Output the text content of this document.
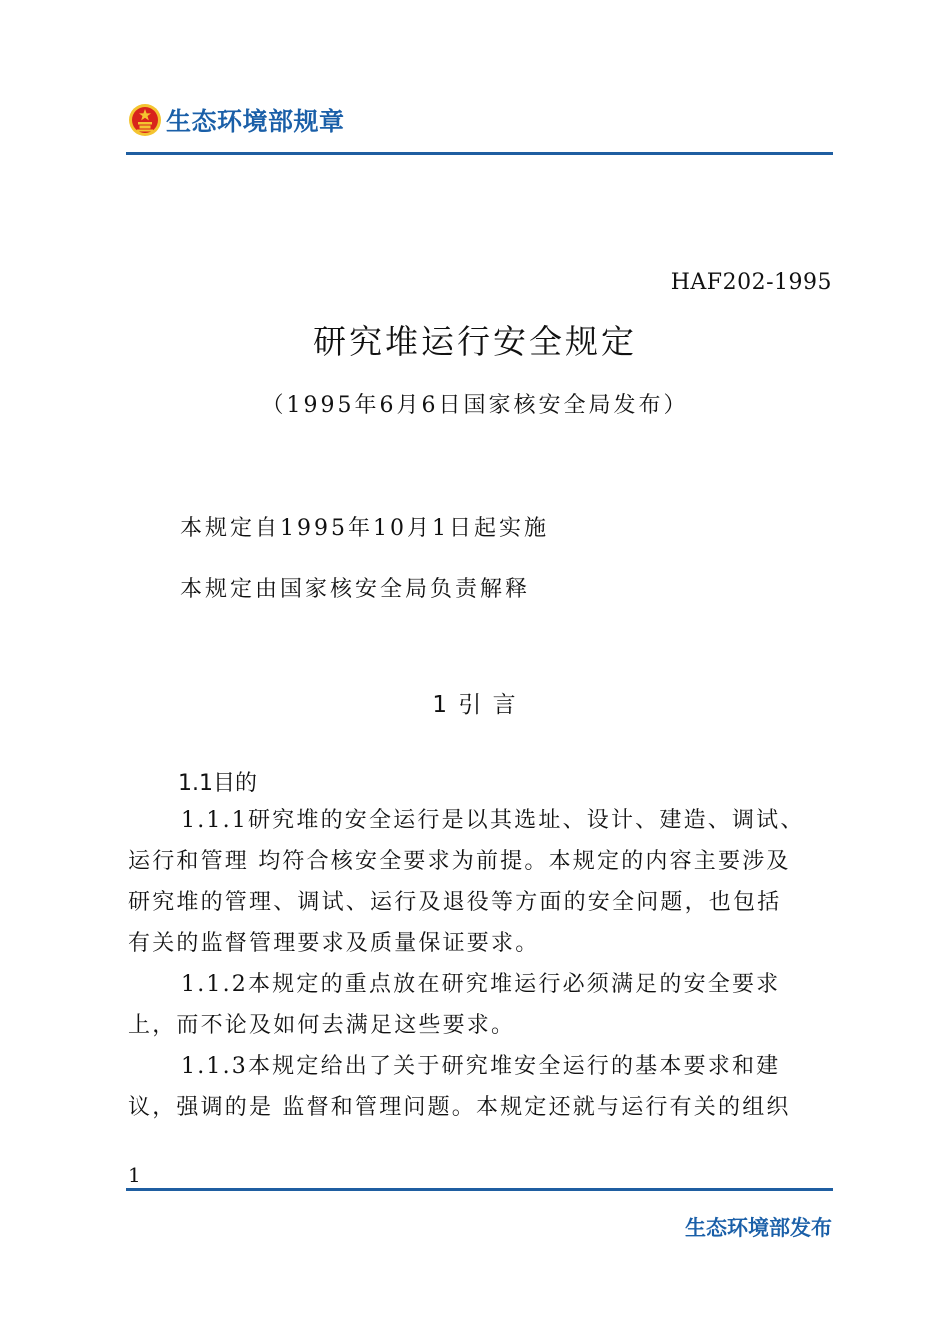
生态环境部规章
HAF202-1995
研究堆运行安全规定
（1995年6月6日国家核安全局发布）
本规定自1995年10月1日起实施
本规定由国家核安全局负责解释
1 引 言
1.1目的
1.1.1研究堆的安全运行是以其选址、设计、建造、调试、
运行和管理 均符合核安全要求为前提。本规定的内容主要涉及
研究堆的管理、调试、运行及退役等方面的安全问题，也包括
有关的监督管理要求及质量保证要求。
1.1.2本规定的重点放在研究堆运行必须满足的安全要求
上，而不论及如何去满足这些要求。
1.1.3本规定给出了关于研究堆安全运行的基本要求和建
议，强调的是 监督和管理问题。本规定还就与运行有关的组织
1
生态环境部发布
